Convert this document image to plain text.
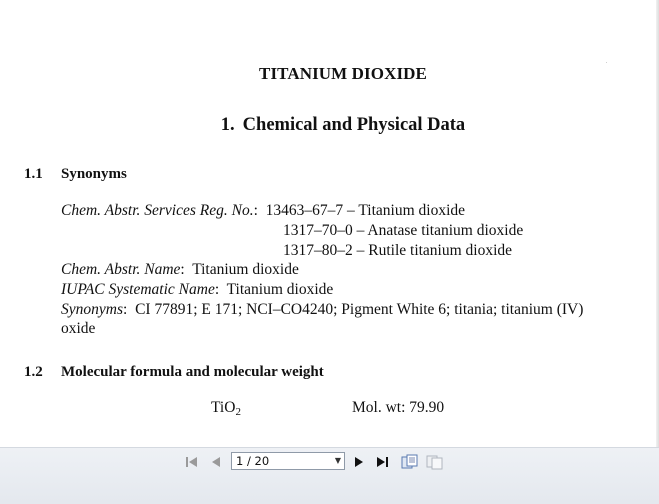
TITANIUM DIOXIDE
1. Chemical and Physical Data
1.1 Synonyms
Chem. Abstr. Services Reg. No.:  13463–67–7 – Titanium dioxide
1317–70–0 – Anatase titanium dioxide
1317–80–2 – Rutile titanium dioxide
Chem. Abstr. Name:  Titanium dioxide
IUPAC Systematic Name:  Titanium dioxide
Synonyms:  CI 77891; E 171; NCI–CO4240; Pigment White 6; titania; titanium (IV)
oxide
1.2 Molecular formula and molecular weight
TiO2	Mol. wt: 79.90
1 / 20	▼
